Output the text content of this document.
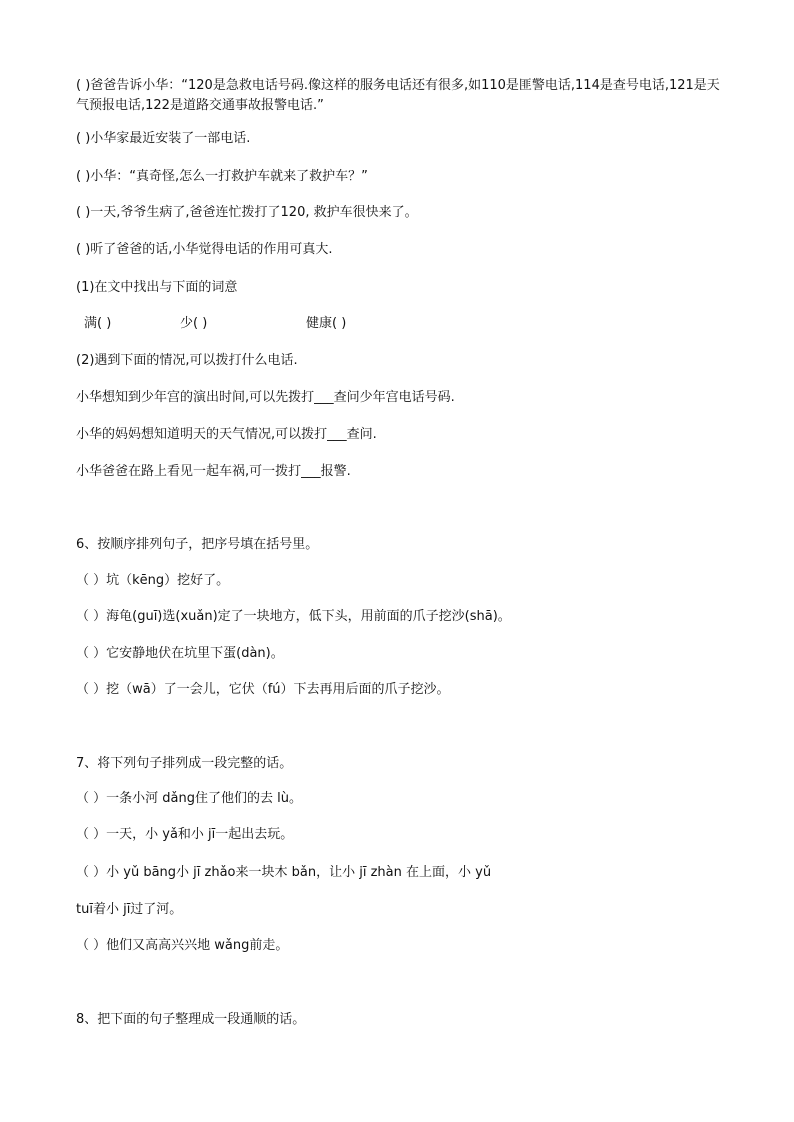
( )爸爸告诉小华：“120是急救电话号码.像这样的服务电话还有很多,如110是匪警电话,114是查号电话,121是天气预报电话,122是道路交通事故报警电话.”
( )小华家最近安装了一部电话.
( )小华：“真奇怪,怎么一打救护车就来了救护车？”
( )一天,爷爷生病了,爸爸连忙拨打了120, 救护车很快来了。
( )听了爸爸的话,小华觉得电话的作用可真大.
(1)在文中找出与下面的词意
满( )	少( )	健康( )
(2)遇到下面的情况,可以拨打什么电话.
小华想知到少年宫的演出时间,可以先拨打___查问少年宫电话号码.
小华的妈妈想知道明天的天气情况,可以拨打___查问.
小华爸爸在路上看见一起车祸,可一拨打___报警.
6、按顺序排列句子，把序号填在括号里。
（ ）坑（kēng）挖好了。
（ ）海龟(guī)选(xuǎn)定了一块地方，低下头，用前面的爪子挖沙(shā)。
（ ）它安静地伏在坑里下蛋(dàn)。
（ ）挖（wā）了一会儿，它伏（fú）下去再用后面的爪子挖沙。
7、将下列句子排列成一段完整的话。
（ ）一条小河 dǎng住了他们的去 lù。
（ ）一天，小 yǎ和小 jī一起出去玩。
（ ）小 yǔ bāng小 jī zhǎo来一块木 bǎn，让小 jī zhàn 在上面，小 yǔ
tuī着小 jī过了河。
（ ）他们又高高兴兴地 wǎng前走。
8、把下面的句子整理成一段通顺的话。
